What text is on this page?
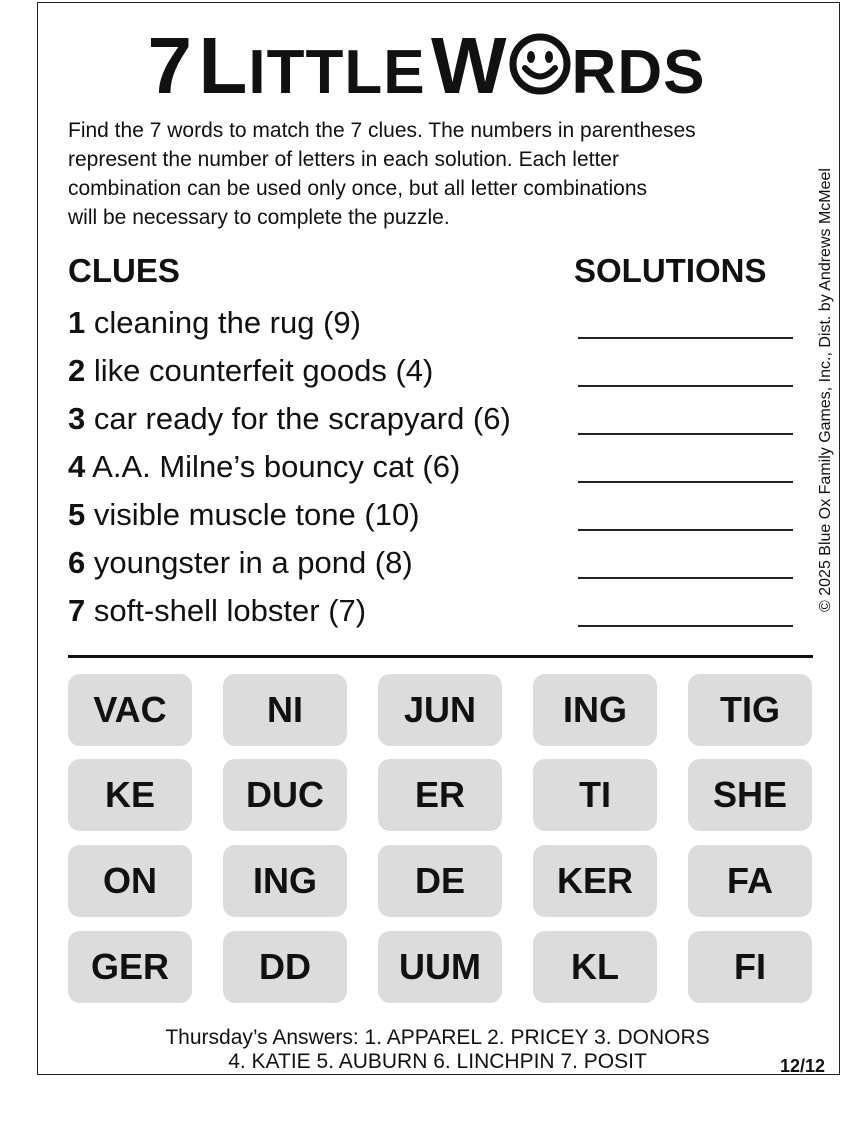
7 LITTLE W RDS
Find the 7 words to match the 7 clues. The numbers in parentheses
represent the number of letters in each solution. Each letter
combination can be used only once, but all letter combinations
will be necessary to complete the puzzle.
CLUES	SOLUTIONS
1 cleaning the rug (9)
2 like counterfeit goods (4)
3 car ready for the scrapyard (6)
4 A.A. Milne’s bouncy cat (6)
5 visible muscle tone (10)
6 youngster in a pond (8)
7 soft-shell lobster (7)	© 2025 Blue Ox Family Games, Inc., Dist. by Andrews McMeel
VAC	NI	JUN	ING	TIG
KE	DUC	ER	TI	SHE
ON	ING	DE	KER	FA
GER	DD	UUM	KL	FI
Thursday’s Answers: 1. APPAREL 2. PRICEY 3. DONORS
4. KATIE 5. AUBURN 6. LINCHPIN 7. POSIT	12/12
